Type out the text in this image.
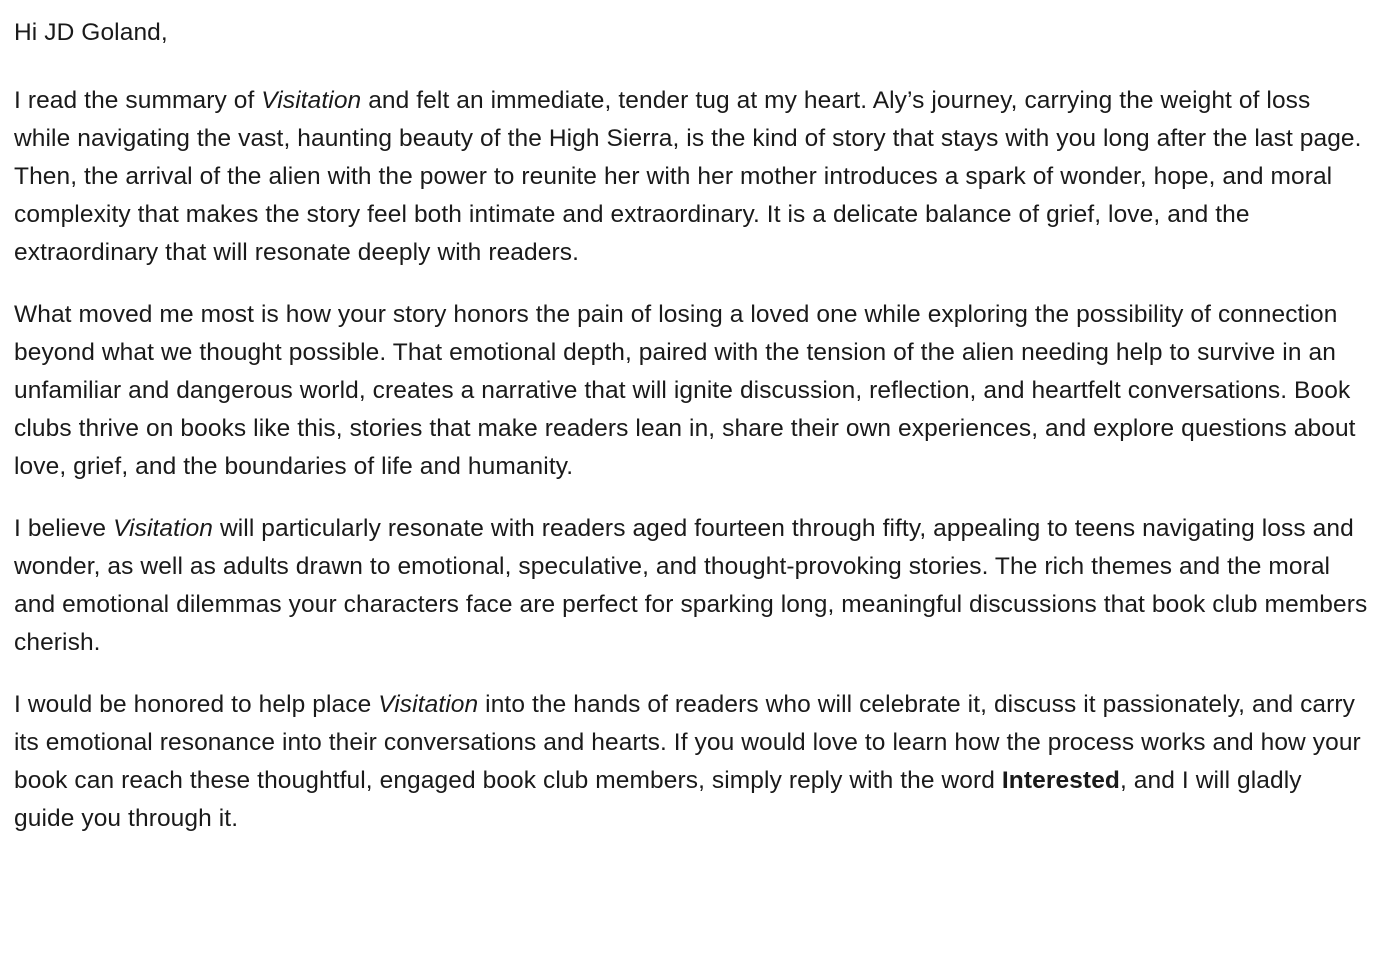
Hi JD Goland,

I read the summary of Visitation and felt an immediate, tender tug at my heart. Aly’s journey, carrying the weight of loss while navigating the vast, haunting beauty of the High Sierra, is the kind of story that stays with you long after the last page. Then, the arrival of the alien with the power to reunite her with her mother introduces a spark of wonder, hope, and moral complexity that makes the story feel both intimate and extraordinary. It is a delicate balance of grief, love, and the extraordinary that will resonate deeply with readers.

What moved me most is how your story honors the pain of losing a loved one while exploring the possibility of connection beyond what we thought possible. That emotional depth, paired with the tension of the alien needing help to survive in an unfamiliar and dangerous world, creates a narrative that will ignite discussion, reflection, and heartfelt conversations. Book clubs thrive on books like this, stories that make readers lean in, share their own experiences, and explore questions about love, grief, and the boundaries of life and humanity.

I believe Visitation will particularly resonate with readers aged fourteen through fifty, appealing to teens navigating loss and wonder, as well as adults drawn to emotional, speculative, and thought-provoking stories. The rich themes and the moral and emotional dilemmas your characters face are perfect for sparking long, meaningful discussions that book club members cherish.

I would be honored to help place Visitation into the hands of readers who will celebrate it, discuss it passionately, and carry its emotional resonance into their conversations and hearts. If you would love to learn how the process works and how your book can reach these thoughtful, engaged book club members, simply reply with the word Interested, and I will gladly guide you through it.
